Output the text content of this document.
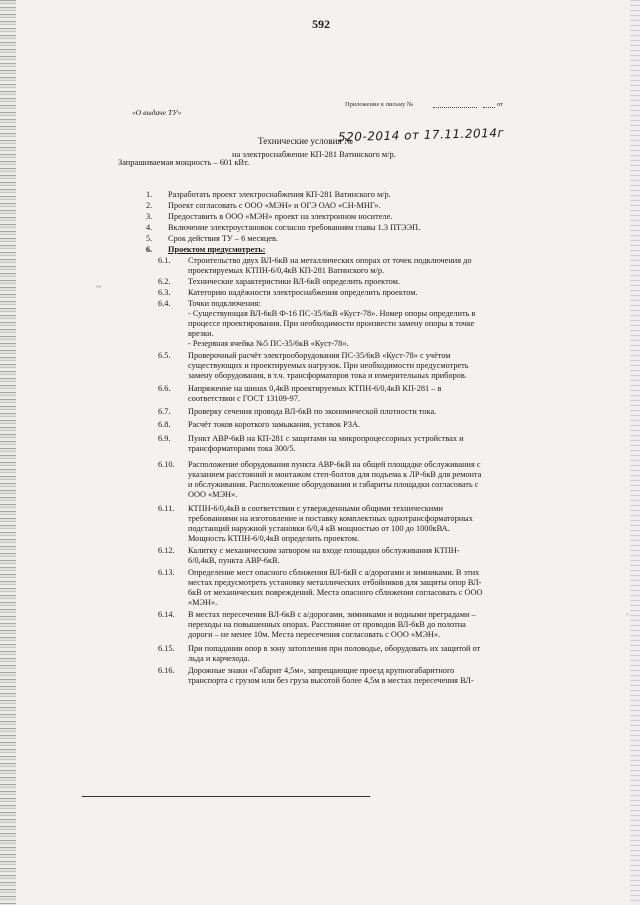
592
Приложение к письму №	от
«О выдаче ТУ»
Технические условия №
520-2014 от 17.11.2014г
на электроснабжение КП-281 Ватинского м/р.
Запрашиваемая мощность – 601 кВт.
1. Разработать проект электроснабжения КП-281 Ватинского м/р.
2. Проект согласовать с ООО «МЭН» и ОГЭ ОАО «СН-МНГ».
3. Предоставить в ООО «МЭН» проект на электронном носителе.
4. Включение электроустановок согласно требованиям главы 1.3 ПТЭЭП.
5. Срок действия ТУ – 6 месяцев.
6. Проектом предусмотреть:
6.1. Строительство двух ВЛ-6кВ на металлических опорах от точек подключения до
проектируемых КТПН-6/0,4кВ КП-281 Ватинского м/р.
6.2. Технические характеристики ВЛ-6кВ определить проектом.
6.3. Категорию надёжности электроснабжения определить проектом.
6.4. Точки подключения:
- Существующая ВЛ-6кВ Ф-16 ПС-35/6кВ «Куст-78». Номер опоры определить в
процессе проектирования. При необходимости произвести замену опоры в точке
врезки.
- Резервная ячейка №5 ПС-35/6кВ «Куст-78».
6.5. Проверочный расчёт электрооборудования ПС-35/6кВ «Куст-78» с учётом
существующих и проектируемых нагрузок. При необходимости предусмотреть
замену оборудования, в т.ч. трансформаторов тока и измерительных приборов.
6.6. Напряжение на шинах 0,4кВ проектируемых КТПН-6/0,4кВ КП-281 – в
соответствии с ГОСТ 13109-97.
6.7. Проверку сечения провода ВЛ-6кВ по экономической плотности тока.
6.8. Расчёт токов короткого замыкания, уставок РЗА.
6.9. Пункт АВР-6кВ на КП-281 с защитами на микропроцессорных устройствах и
трансформаторами тока 300/5.
6.10. Расположение оборудования пункта АВР-6кВ на общей площадке обслуживания с
указанием расстояний и монтажом степ-болтов для подъема к ЛР-6кВ для ремонта
и обслуживания. Расположение оборудования и габариты площадки согласовать с
ООО «МЭН».
6.11. КТПН-6/0,4кВ в соответствии с утвержденными общими техническими
требованиями на изготовление и поставку комплектных однотрансформаторных
подстанций наружной установки 6/0,4 кВ мощностью от 100 до 1000кВА.
Мощность КТПН-6/0,4кВ определить проектом.
6.12. Калитку с механическим затвором на входе площадки обслуживания КТПН-
6/0,4кВ, пункта АВР-6кВ.
6.13. Определение мест опасного сближения ВЛ-6кВ с а/дорогами и зимниками. В этих
местах предусмотреть установку металлических отбойников для защиты опор ВЛ-
6кВ от механических повреждений. Места опасного сближения согласовать с ООО
«МЭН».
6.14. В местах пересечения ВЛ-6кВ с а/дорогами, зимниками и водными преградами –
переходы на повышенных опорах. Расстояние от проводов ВЛ-6кВ до полотна
дороги – не менее 10м. Места пересечения согласовать с ООО «МЭН».
6.15. При попадании опор в зону затопления при половодье, оборудовать их защитой от
льда и карчехода.
6.16. Дорожные знаки «Габарит 4,5м», запрещающие проезд крупногабаритного
транспорта с грузом или без груза высотой более 4,5м в местах пересечения ВЛ-
~
·
